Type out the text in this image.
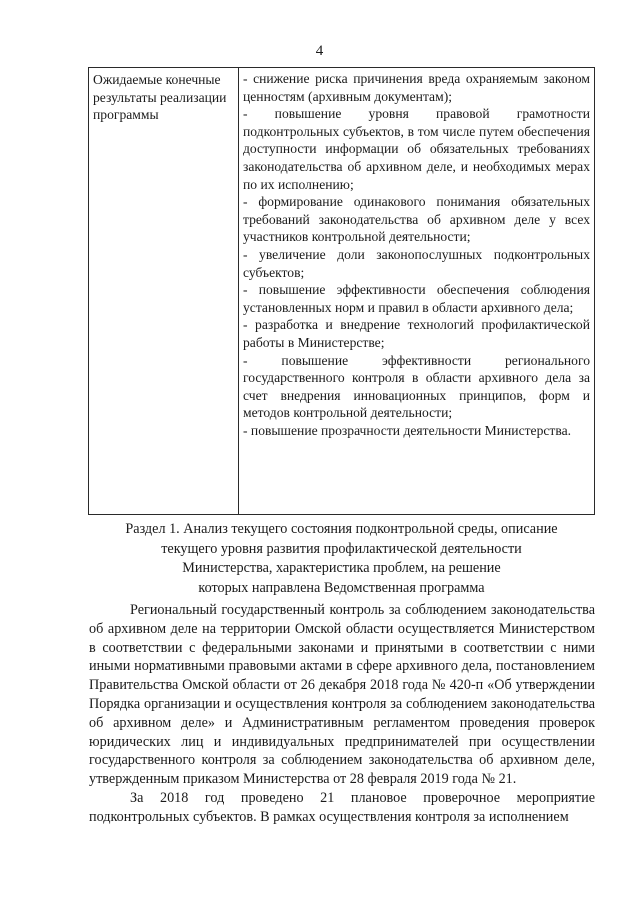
4
Ожидаемые конечные результаты реализации программы	
- снижение риска причинения вреда охраняемым законом ценностям (архивным документам);
- повышение уровня правовой грамотности подконтрольных субъектов, в том числе путем обеспечения доступности информации об обязательных требованиях законодательства об архивном деле, и необходимых мерах по их исполнению;
- формирование одинакового понимания обязательных требований законодательства об архивном деле у всех участников контрольной деятельности;
- увеличение доли законопослушных подконтрольных субъектов;
- повышение эффективности обеспечения соблюдения установленных норм и правил в области архивного дела;
- разработка и внедрение технологий профилактической работы в Министерстве;
- повышение эффективности регионального государственного контроля в области архивного дела за счет внедрения инновационных принципов, форм и методов контрольной деятельности;
- повышение прозрачности деятельности Министерства.
Раздел 1. Анализ текущего состояния подконтрольной среды, описание
текущего уровня развития профилактической деятельности
Министерства, характеристика проблем, на решение
которых направлена Ведомственная программа

Региональный государственный контроль за соблюдением законодательства об архивном деле на территории Омской области осуществляется Министерством в соответствии с федеральными законами и принятыми в соответствии с ними иными нормативными правовыми актами в сфере архивного дела, постановлением Правительства Омской области от 26 декабря 2018 года № 420-п «Об утверждении Порядка организации и осуществления контроля за соблюдением законодательства об архивном деле» и Административным регламентом проведения проверок юридических лиц и индивидуальных предпринимателей при осуществлении государственного контроля за соблюдением законодательства об архивном деле, утвержденным приказом Министерства от 28 февраля 2019 года № 21.

За 2018 год проведено 21 плановое проверочное мероприятие подконтрольных субъектов. В рамках осуществления контроля за исполнением
